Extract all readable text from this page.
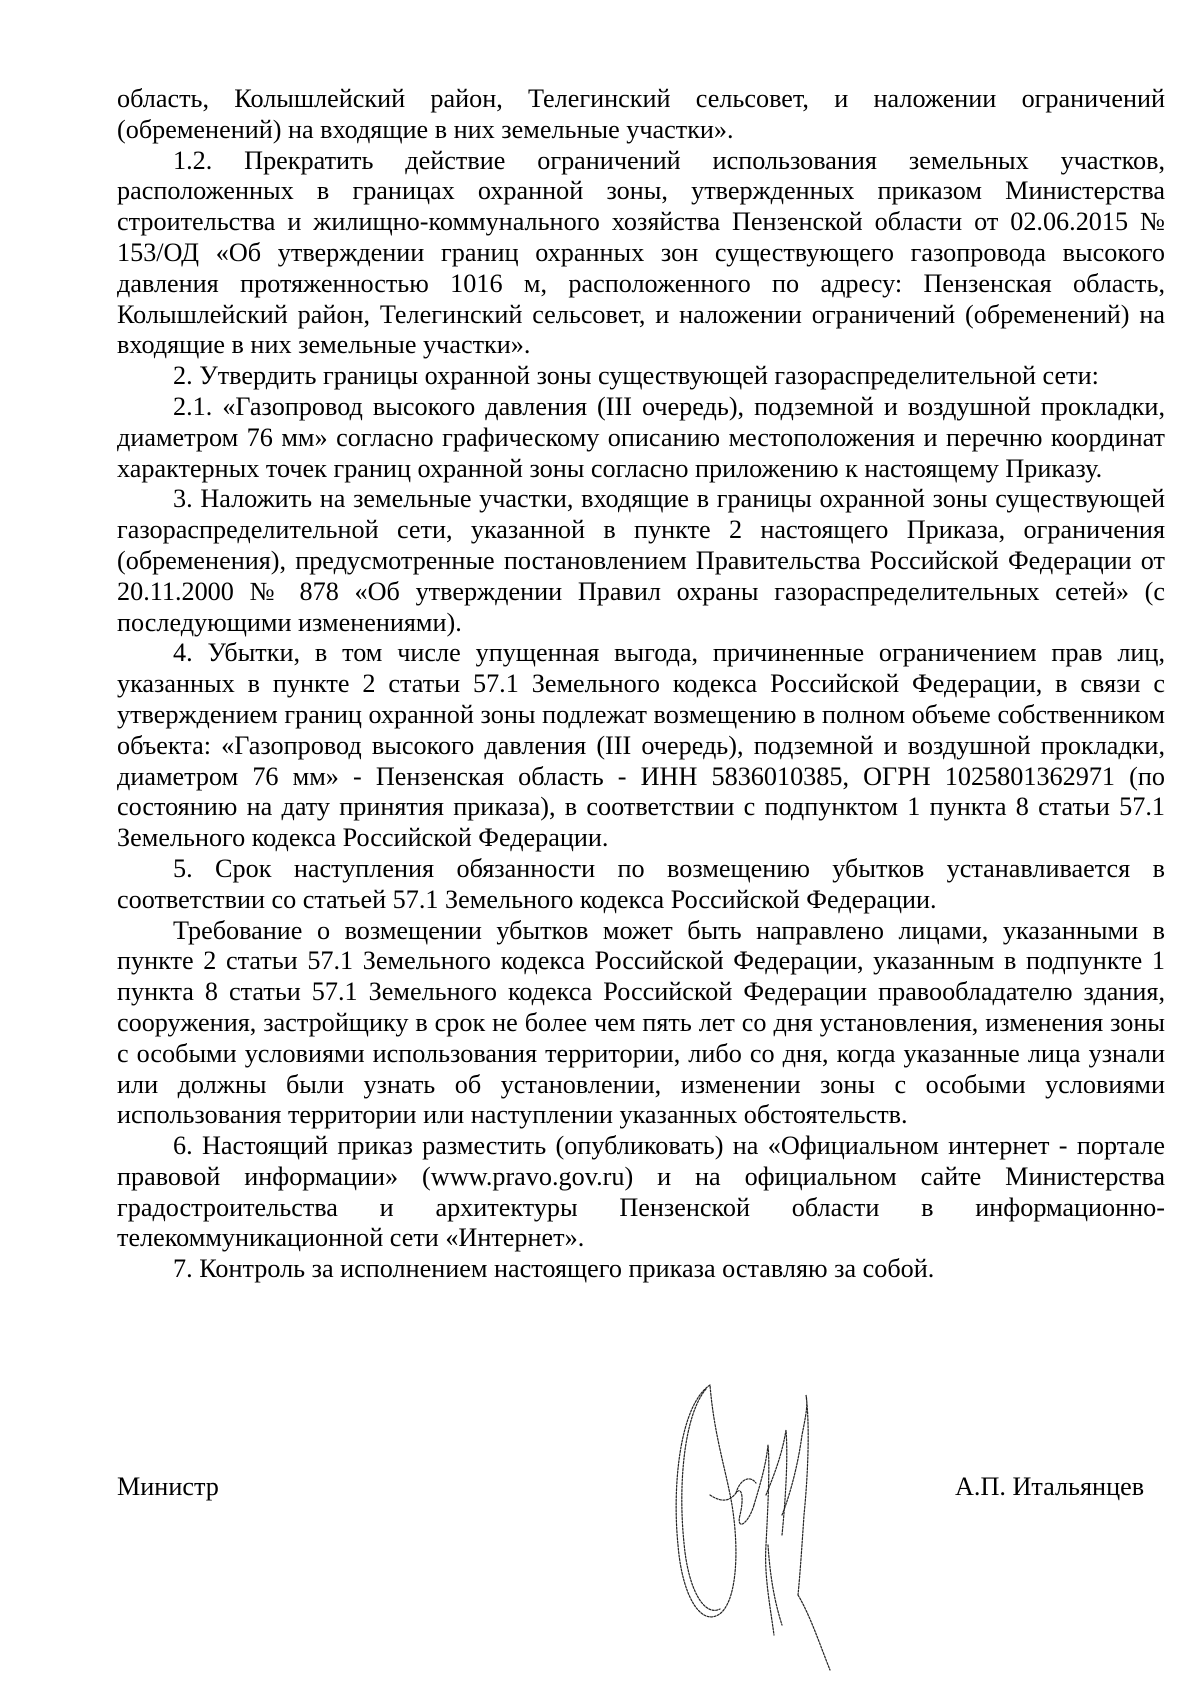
область, Колышлейский район, Телегинский сельсовет, и наложении ограничений (обременений) на входящие в них земельные участки».

1.2. Прекратить действие ограничений использования земельных участков, расположенных в границах охранной зоны, утвержденных приказом Министерства строительства и жилищно-коммунального хозяйства Пензенской области от 02.06.2015 № 153/ОД «Об утверждении границ охранных зон существующего газопровода высокого давления протяженностью 1016 м, расположенного по адресу: Пензенская область, Колышлейский район, Телегинский сельсовет, и наложении ограничений (обременений) на входящие в них земельные участки».

2. Утвердить границы охранной зоны существующей газораспределительной сети:

2.1. «Газопровод высокого давления (III очередь), подземной и воздушной прокладки, диаметром 76 мм» согласно графическому описанию местоположения и перечню координат характерных точек границ охранной зоны согласно приложению к настоящему Приказу.

3. Наложить на земельные участки, входящие в границы охранной зоны существующей газораспределительной сети, указанной в пункте 2 настоящего Приказа, ограничения (обременения), предусмотренные постановлением Правительства Российской Федерации от 20.11.2000 № 878 «Об утверждении Правил охраны газораспределительных сетей» (с последующими изменениями).

4. Убытки, в том числе упущенная выгода, причиненные ограничением прав лиц, указанных в пункте 2 статьи 57.1 Земельного кодекса Российской Федерации, в связи с утверждением границ охранной зоны подлежат возмещению в полном объеме собственником объекта: «Газопровод высокого давления (III очередь), подземной и воздушной прокладки, диаметром 76 мм» - Пензенская область - ИНН 5836010385, ОГРН 1025801362971 (по состоянию на дату принятия приказа), в соответствии с подпунктом 1 пункта 8 статьи 57.1 Земельного кодекса Российской Федерации.

5. Срок наступления обязанности по возмещению убытков устанавливается в соответствии со статьей 57.1 Земельного кодекса Российской Федерации.

Требование о возмещении убытков может быть направлено лицами, указанными в пункте 2 статьи 57.1 Земельного кодекса Российской Федерации, указанным в подпункте 1 пункта 8 статьи 57.1 Земельного кодекса Российской Федерации правообладателю здания, сооружения, застройщику в срок не более чем пять лет со дня установления, изменения зоны с особыми условиями использования территории, либо со дня, когда указанные лица узнали или должны были узнать об установлении, изменении зоны с особыми условиями использования территории или наступлении указанных обстоятельств.

6. Настоящий приказ разместить (опубликовать) на «Официальном интернет - портале правовой информации» (www.pravo.gov.ru) и на официальном сайте Министерства градостроительства и архитектуры Пензенской области в информационно-телекоммуникационной сети «Интернет».

7. Контроль за исполнением настоящего приказа оставляю за собой.

Министр	А.П. Итальянцев
